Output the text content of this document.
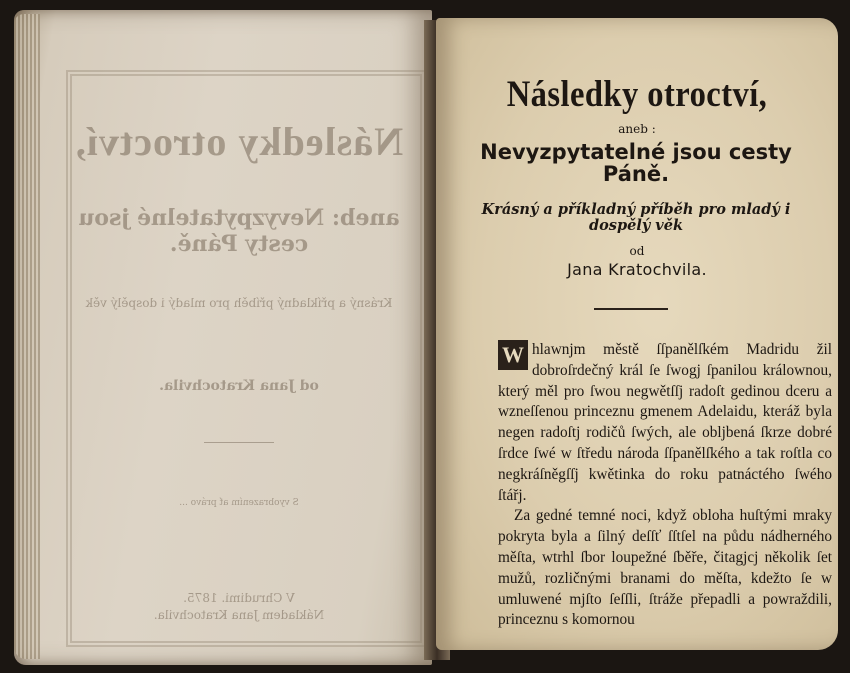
Následky otroctví,
aneb: Nevyzpytatelné jsou cesty Páně.
Krásný a příkladný příběh pro mladý i dospělý věk
od Jana Kratochvila.
S vyobrazením ať právo ...
V Chrudimi. 1875.
Nákladem Jana Kratochvila.
Následky otroctví,
aneb :
Nevyzpytatelné jsou cesty Páně.
Krásný a příkladný příběh pro mladý i dospělý věk
od
Jana Kratochvila.

W hlawnjm městě ſſpanělſkém Madridu žil dobroſrdečný král ſe ſwogj ſpanilou králownou, který měl pro ſwou negwětſſj radoſt gedinou dceru a wzneſſenou princeznu gmenem Adelaidu, kteráž byla negen radoſtj rodičů ſwých, ale obljbená ſkrze dobré ſrdce ſwé w ſtředu národa ſſpanělſkého a tak roſtla co negkráſněgſſj kwětinka do roku patnáctého ſwého ſtářj.

Za gedné temné noci, když obloha huſtými mraky pokryta byla a ſilný deſſť ſſtſel na půdu nádherného měſta, wtrhl ſbor loupežné ſběře, čitagjcj několik ſet mužů, rozličnými branami do měſta, kdežto ſe w umluwené mjſto ſeſſli, ſtráže přepadli a powraždili, princeznu s komornou
